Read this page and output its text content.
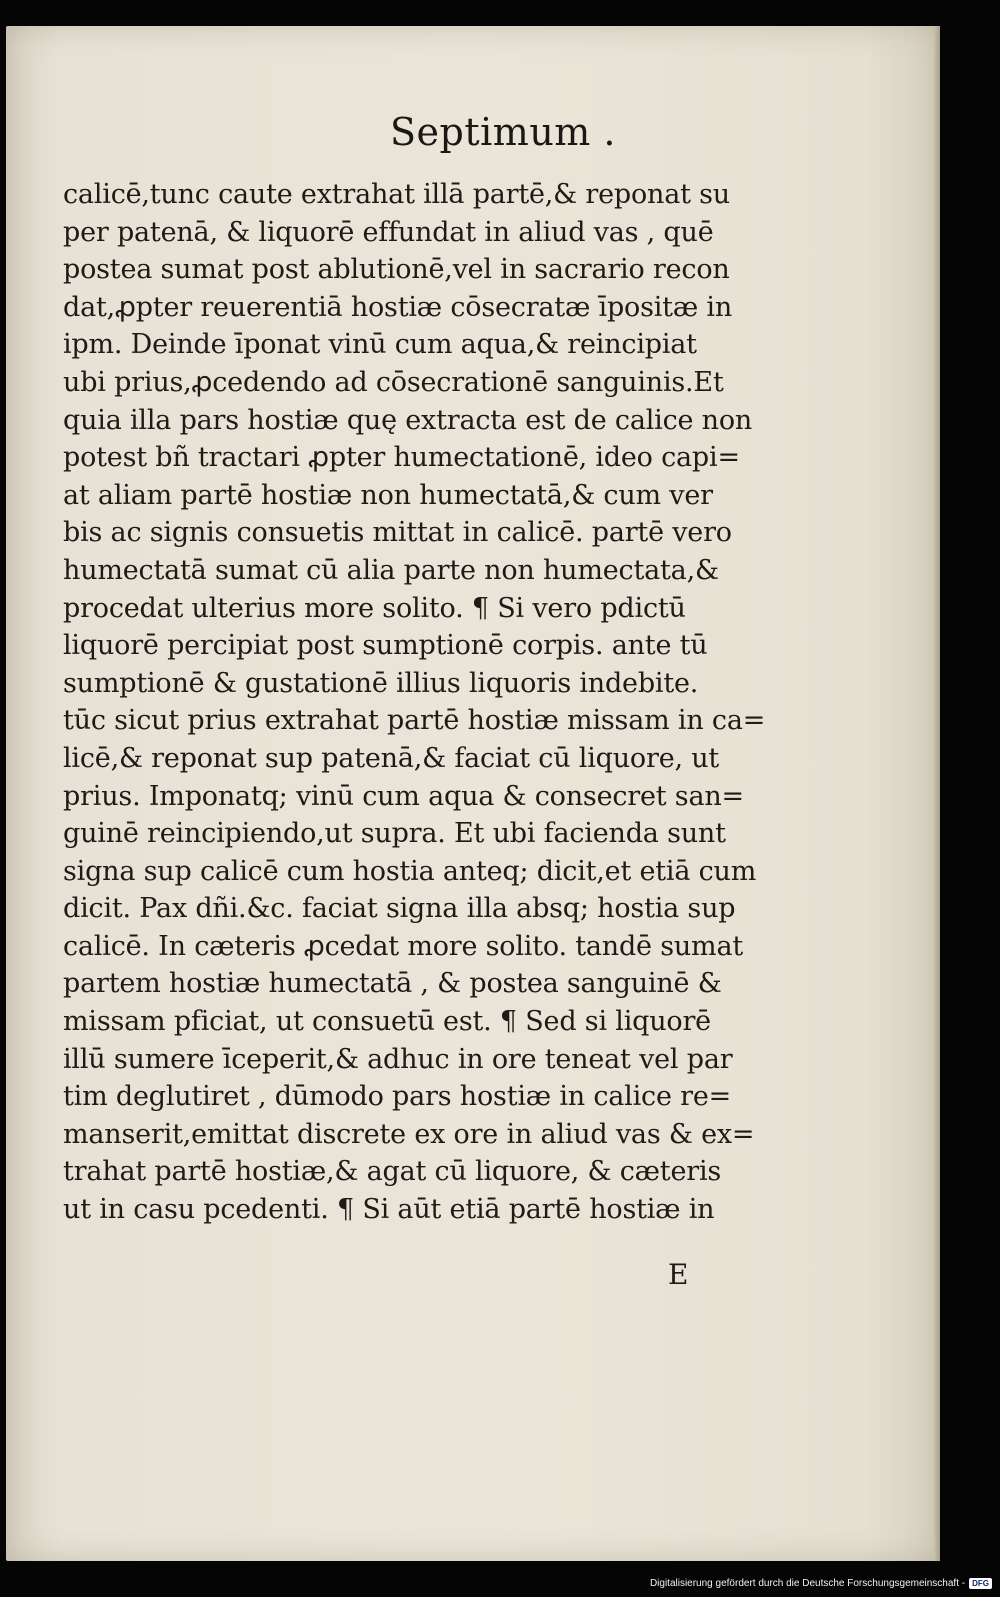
Septimum .
calicē,tunc caute extrahat illā partē,& reponat su
per patenā, & liquorē effundat in aliud vas , quē
postea sumat post ablutionē,vel in sacrario recon
dat,ꝓpter reuerentiā hostiæ cōsecratæ īpositæ in
ipm. Deinde īponat vinū cum aqua,& reincipiat
ubi prius,ꝓcedendo ad cōsecrationē sanguinis.Et
quia illa pars hostiæ quę extracta est de calice non
potest bñ tractari ꝓpter humectationē, ideo capi=
at aliam partē hostiæ non humectatā,& cum ver
bis ac signis consuetis mittat in calicē. partē vero
humectatā sumat cū alia parte non humectata,&
procedat ulterius more solito. ¶ Si vero pdictū
liquorē percipiat post sumptionē corpis. ante tū
sumptionē & gustationē illius liquoris indebite.
tūc sicut prius extrahat partē hostiæ missam in ca=
licē,& reponat sup patenā,& faciat cū liquore, ut
prius. Imponatq; vinū cum aqua & consecret san=
guinē reincipiendo,ut supra. Et ubi facienda sunt
signa sup calicē cum hostia anteq; dicit,et etiā cum
dicit. Pax dñi.&c. faciat signa illa absq; hostia sup
calicē. In cæteris ꝓcedat more solito. tandē sumat
partem hostiæ humectatā , & postea sanguinē &
missam pficiat, ut consuetū est. ¶ Sed si liquorē
illū sumere īceperit,& adhuc in ore teneat vel par
tim deglutiret , dūmodo pars hostiæ in calice re=
manserit,emittat discrete ex ore in aliud vas & ex=
trahat partē hostiæ,& agat cū liquore, & cæteris
ut in casu pcedenti. ¶ Si aūt etiā partē hostiæ in
E
Digitalisierung gefördert durch die Deutsche Forschungsgemeinschaft - DFG
